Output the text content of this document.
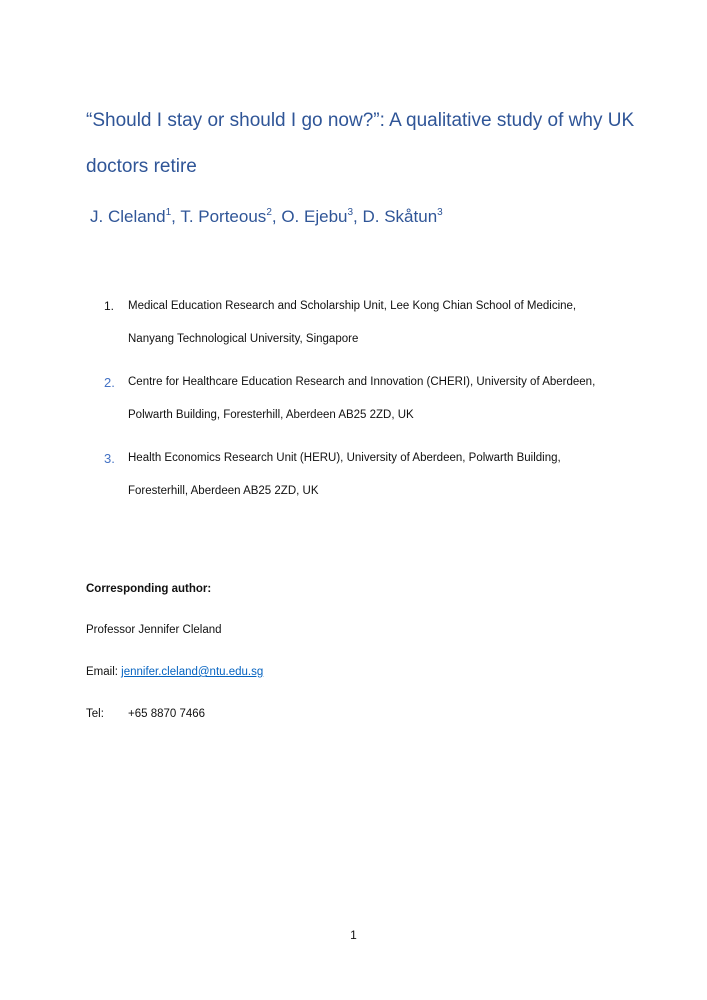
“Should I stay or should I go now?”: A qualitative study of why UK
doctors retire

J. Cleland$^1$, T. Porteous$^2$, O. Ejebu$^3$, D. Skåtun$^3$

1. Medical Education Research and Scholarship Unit, Lee Kong Chian School of Medicine,
Nanyang Technological University, Singapore
2. Centre for Healthcare Education Research and Innovation (CHERI), University of Aberdeen,
Polwarth Building, Foresterhill, Aberdeen AB25 2ZD, UK
3. Health Economics Research Unit (HERU), University of Aberdeen, Polwarth Building,
Foresterhill, Aberdeen AB25 2ZD, UK

Corresponding author:

Professor Jennifer Cleland

Email: jennifer.cleland@ntu.edu.sg

Tel: +65 8870 7466

1
